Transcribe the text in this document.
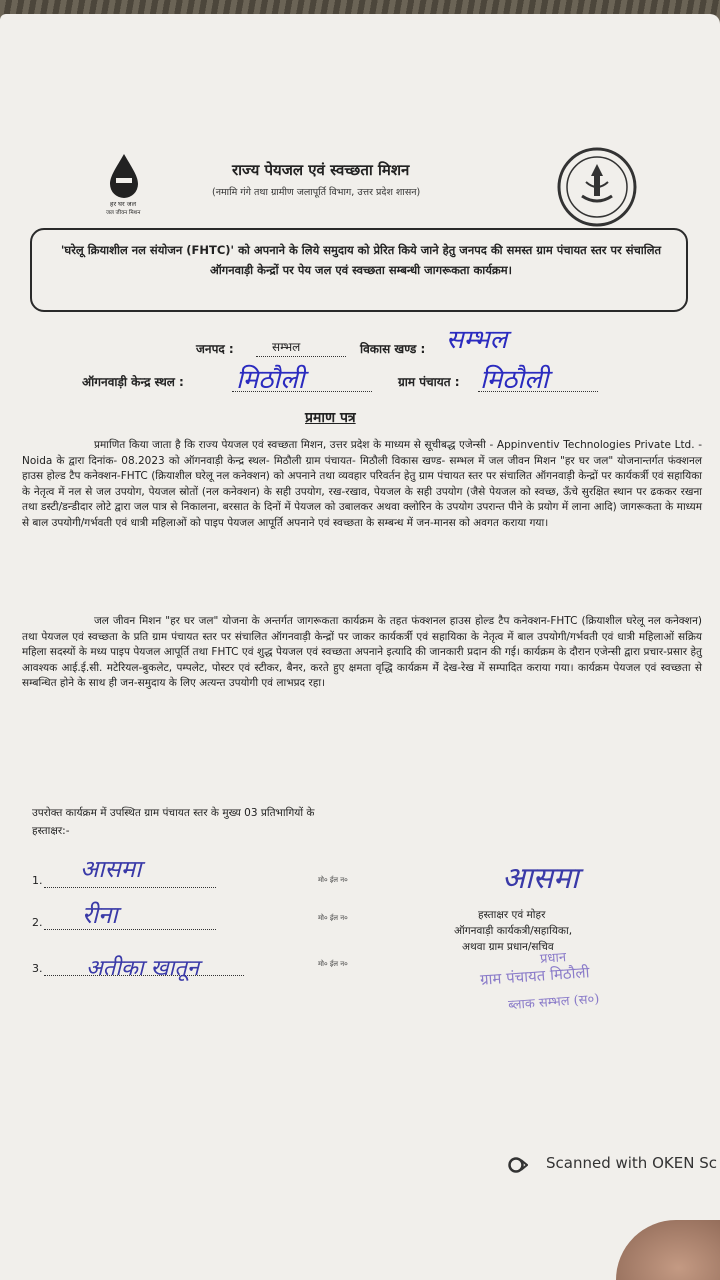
हर घर जल
जल जीवन मिशन
राज्य पेयजल एवं स्वच्छता मिशन
(नमामि गंगे तथा ग्रामीण जलापूर्ति विभाग, उत्तर प्रदेश शासन)
'घरेलू क्रियाशील नल संयोजन (FHTC)' को अपनाने के लिये समुदाय को प्रेरित किये जाने हेतु जनपद की समस्त ग्राम पंचायत स्तर पर संचालित ऑगनवाड़ी केन्द्रों पर पेय जल एवं स्वच्छता सम्बन्धी जागरूकता कार्यक्रम।
जनपद :	सम्भल	विकास खण्ड : सम्भल
ऑगनवाड़ी केन्द्र स्थल : मिठौली	ग्राम पंचायत : मिठौली
प्रमाण पत्र

प्रमाणित किया जाता है कि राज्य पेयजल एवं स्वच्छता मिशन, उत्तर प्रदेश के माध्यम से सूचीबद्ध एजेन्सी - Appinventiv Technologies Private Ltd. - Noida के द्वारा दिनांक- 08.2023 को ऑगनवाड़ी केन्द्र स्थल- मिठौली ग्राम पंचायत- मिठौली विकास खण्ड- सम्भल में जल जीवन मिशन "हर घर जल" योजनान्तर्गत फंक्शनल हाउस होल्ड टैप कनेक्शन-FHTC (क्रियाशील घरेलू नल कनेक्शन) को अपनाने तथा व्यवहार परिवर्तन हेतु ग्राम पंचायत स्तर पर संचालित ऑगनवाड़ी केन्द्रों पर कार्यकर्त्री एवं सहायिका के नेतृत्व में नल से जल उपयोग, पेयजल स्रोतों (नल कनेक्शन) के सही उपयोग, रख-रखाव, पेयजल के सही उपयोग (जैसे पेयजल को स्वच्छ, ऊँचे सुरक्षित स्थान पर ढककर रखना तथा डस्टी/डन्डीदार लोटे द्वारा जल पात्र से निकालना, बरसात के दिनों में पेयजल को उबालकर अथवा क्लोरिन के उपयोग उपरान्त पीने के प्रयोग में लाना आदि) जागरूकता के माध्यम से बाल उपयोगी/गर्भवती एवं धात्री महिलाओं को पाइप पेयजल आपूर्ति अपनाने एवं स्वच्छता के सम्बन्ध में जन-मानस को अवगत कराया गया।

जल जीवन मिशन "हर घर जल" योजना के अन्तर्गत जागरूकता कार्यक्रम के तहत फंक्शनल हाउस होल्ड टैप कनेक्शन-FHTC (क्रियाशील घरेलू नल कनेक्शन) तथा पेयजल एवं स्वच्छता के प्रति ग्राम पंचायत स्तर पर संचालित ऑगनवाड़ी केन्द्रों पर जाकर कार्यकर्त्री एवं सहायिका के नेतृत्व में बाल उपयोगी/गर्भवती एवं धात्री महिलाओं सक्रिय महिला सदस्यों के मध्य पाइप पेयजल आपूर्ति तथा FHTC एवं शुद्ध पेयजल एवं स्वच्छता अपनाने इत्यादि की जानकारी प्रदान की गई। कार्यक्रम के दौरान एजेन्सी द्वारा प्रचार-प्रसार हेतु आवश्यक आई.ई.सी. मटेरियल-बुकलेट, पम्पलेट, पोस्टर एवं स्टीकर, बैनर, करते हुए क्षमता वृद्धि कार्यक्रम मेंं देख-रेख में सम्पादित कराया गया। कार्यक्रम पेयजल एवं स्वच्छता से सम्बन्धित होने के साथ ही जन-समुदाय के लिए अत्यन्त उपयोगी एवं लाभप्रद रहा।

उपरोक्त कार्यक्रम में उपस्थित ग्राम पंचायत स्तर के मुख्य 03 प्रतिभागियों के
हस्ताक्षर:-
1. आसमा	मो० ईल न०
2. रीना	मो० ईल न०
3. अतीका खातून	मो० ईल न०
आसमा
हस्ताक्षर एवं मोहर
ऑगनवाड़ी कार्यकत्री/सहायिका,
अथवा ग्राम प्रधान/सचिव
प्रधान
ग्राम पंचायत मिठौली
ब्लाक सम्भल (स०)
Scanned with OKEN Sc
